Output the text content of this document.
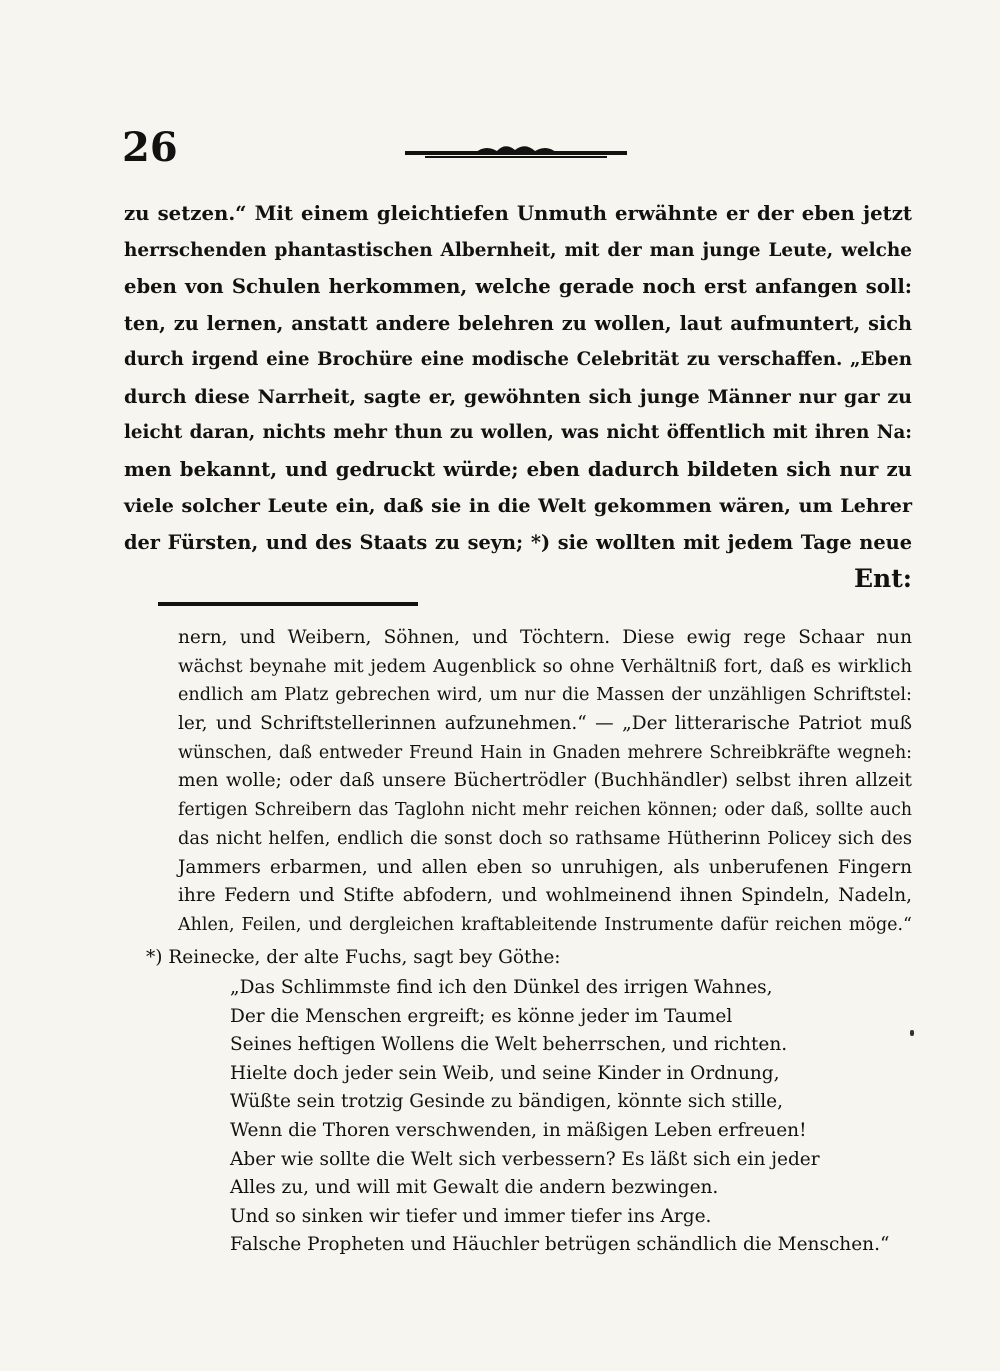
26
zu setzen.“ Mit einem gleichtiefen Unmuth erwähnte er der eben jetzt
herrschenden phantastischen Albernheit, mit der man junge Leute, welche
eben von Schulen herkommen, welche gerade noch erst anfangen soll:
ten, zu lernen, anstatt andere belehren zu wollen, laut aufmuntert, sich
durch irgend eine Brochüre eine modische Celebrität zu verschaffen. „Eben
durch diese Narrheit, sagte er, gewöhnten sich junge Männer nur gar zu
leicht daran, nichts mehr thun zu wollen, was nicht öffentlich mit ihren Na:
men bekannt, und gedruckt würde; eben dadurch bildeten sich nur zu
viele solcher Leute ein, daß sie in die Welt gekommen wären, um Lehrer
der Fürsten, und des Staats zu seyn; *) sie wollten mit jedem Tage neue
Ent:
nern, und Weibern, Söhnen, und Töchtern. Diese ewig rege Schaar nun
wächst beynahe mit jedem Augenblick so ohne Verhältniß fort, daß es wirklich
endlich am Platz gebrechen wird, um nur die Massen der unzähligen Schriftstel:
ler, und Schriftstellerinnen aufzunehmen.“ — „Der litterarische Patriot muß
wünschen, daß entweder Freund Hain in Gnaden mehrere Schreibkräfte wegneh:
men wolle; oder daß unsere Büchertrödler (Buchhändler) selbst ihren allzeit
fertigen Schreibern das Taglohn nicht mehr reichen können; oder daß, sollte auch
das nicht helfen, endlich die sonst doch so rathsame Hütherinn Policey sich des
Jammers erbarmen, und allen eben so unruhigen, als unberufenen Fingern
ihre Federn und Stifte abfodern, und wohlmeinend ihnen Spindeln, Nadeln,
Ahlen, Feilen, und dergleichen kraftableitende Instrumente dafür reichen möge.“
*) Reinecke, der alte Fuchs, sagt bey Göthe:
„Das Schlimmste find ich den Dünkel des irrigen Wahnes,
Der die Menschen ergreift; es könne jeder im Taumel
Seines heftigen Wollens die Welt beherrschen, und richten.
Hielte doch jeder sein Weib, und seine Kinder in Ordnung,
Wüßte sein trotzig Gesinde zu bändigen, könnte sich stille,
Wenn die Thoren verschwenden, in mäßigen Leben erfreuen!
Aber wie sollte die Welt sich verbessern? Es läßt sich ein jeder
Alles zu, und will mit Gewalt die andern bezwingen.
Und so sinken wir tiefer und immer tiefer ins Arge.
Falsche Propheten und Häuchler betrügen schändlich die Menschen.“
